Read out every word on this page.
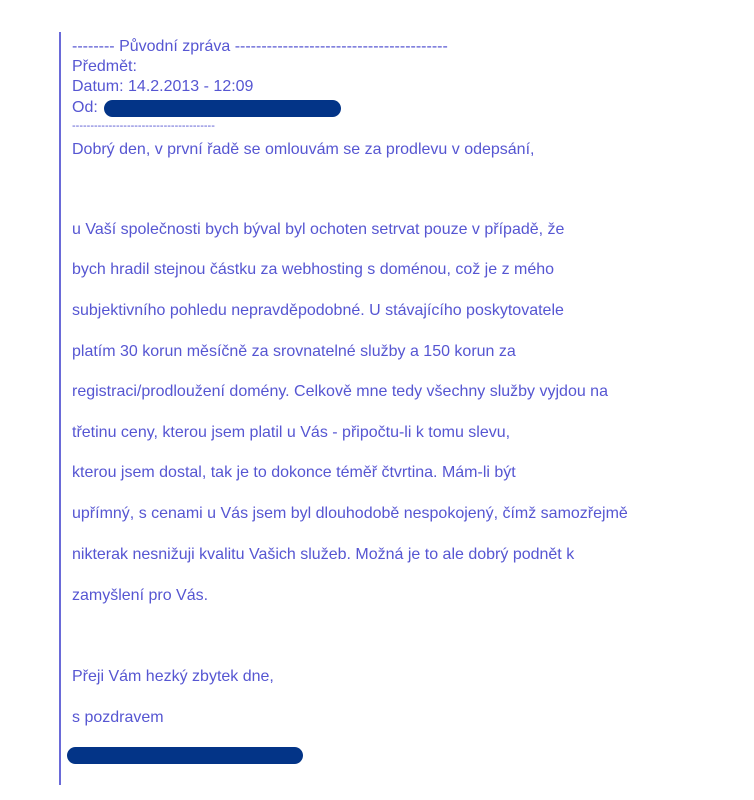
-------- Původní zpráva ----------------------------------------
Předmět:
Datum: 14.2.2013 - 12:09
Od:
---------------------------------------
Dobrý den, v první řadě se omlouvám se za prodlevu v odepsání,
u Vaší společnosti bych býval byl ochoten setrvat pouze v případě, že
bych hradil stejnou částku za webhosting s doménou, což je z mého
subjektivního pohledu nepravděpodobné. U stávajícího poskytovatele
platím 30 korun měsíčně za srovnatelné služby a 150 korun za
registraci/prodloužení domény. Celkově mne tedy všechny služby vyjdou na
třetinu ceny, kterou jsem platil u Vás - připočtu-li k tomu slevu,
kterou jsem dostal, tak je to dokonce téměř čtvrtina. Mám-li být
upřímný, s cenami u Vás jsem byl dlouhodobě nespokojený, čímž samozřejmě
nikterak nesnižuji kvalitu Vašich služeb. Možná je to ale dobrý podnět k
zamyšlení pro Vás.
Přeji Vám hezký zbytek dne,
s pozdravem
